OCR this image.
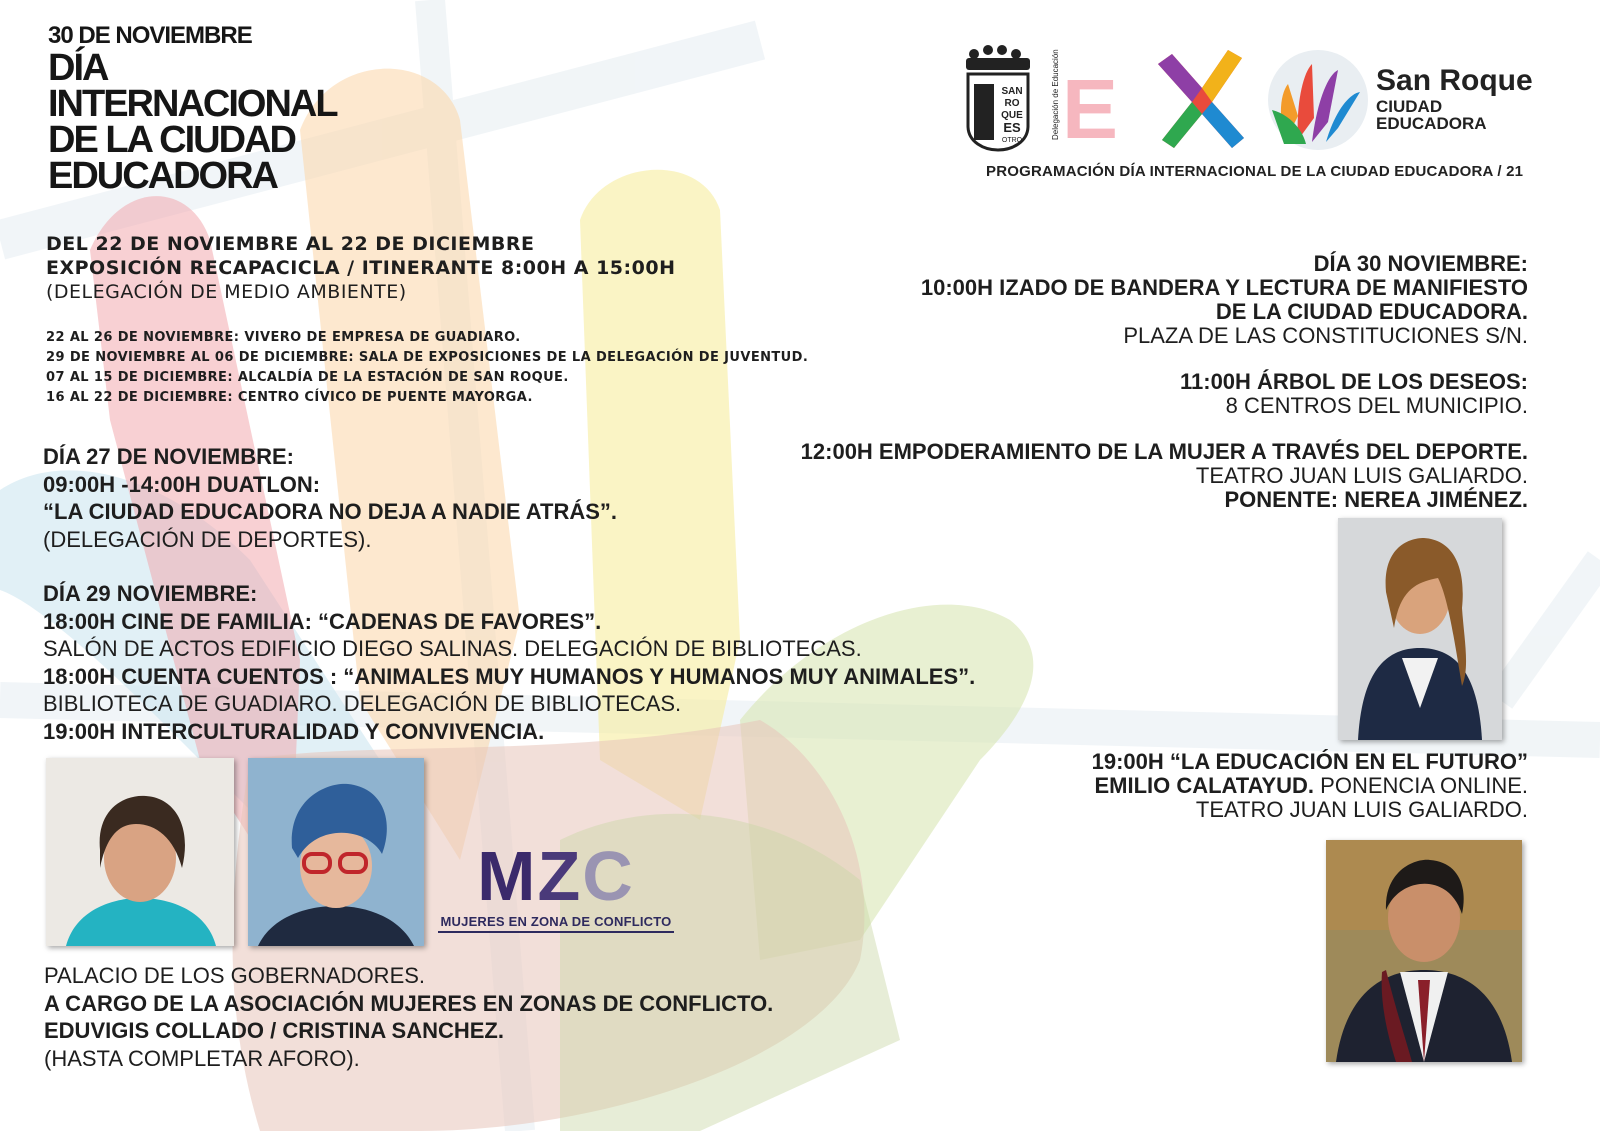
30 DE NOVIEMBRE
DÍA
INTERNACIONAL
DE LA CIUDAD
EDUCADORA
DEL 22 DE NOVIEMBRE AL 22 DE DICIEMBRE
EXPOSICIÓN RECAPACICLA / ITINERANTE 8:00H A 15:00H
(DELEGACIÓN DE MEDIO AMBIENTE)
22 AL 26 DE NOVIEMBRE: VIVERO DE EMPRESA DE GUADIARO.
29 DE NOVIEMBRE AL 06 DE DICIEMBRE: SALA DE EXPOSICIONES DE LA DELEGACIÓN DE JUVENTUD.
07 AL 15 DE DICIEMBRE: ALCALDÍA DE LA ESTACIÓN DE SAN ROQUE.
16 AL 22 DE DICIEMBRE: CENTRO CÍVICO DE PUENTE MAYORGA.
DÍA 27 DE NOVIEMBRE:
09:00H -14:00H DUATLON:
“LA CIUDAD EDUCADORA NO DEJA A NADIE ATRÁS”.
(DELEGACIÓN DE DEPORTES).
DÍA 29 NOVIEMBRE:
18:00H CINE DE FAMILIA: “CADENAS DE FAVORES”.
SALÓN DE ACTOS EDIFICIO DIEGO SALINAS. DELEGACIÓN DE BIBLIOTECAS.
18:00H CUENTA CUENTOS : “ANIMALES MUY HUMANOS Y HUMANOS MUY ANIMALES”.
BIBLIOTECA DE GUADIARO. DELEGACIÓN DE BIBLIOTECAS.
19:00H INTERCULTURALIDAD Y CONVIVENCIA.
MZC
MUJERES EN ZONA DE CONFLICTO
PALACIO DE LOS GOBERNADORES.
A CARGO DE LA ASOCIACIÓN MUJERES EN ZONAS DE CONFLICTO.
EDUVIGIS COLLADO / CRISTINA SANCHEZ.
(HASTA COMPLETAR AFORO).
SAN
RO
QUE
ES
OTRO
Delegación de Educación E	San Roque
CIUDAD
EDUCADORA
PROGRAMACIÓN DÍA INTERNACIONAL DE LA CIUDAD EDUCADORA / 21
DÍA 30 NOVIEMBRE:
10:00H IZADO DE BANDERA Y LECTURA DE MANIFIESTO
DE LA CIUDAD EDUCADORA.
PLAZA DE LAS CONSTITUCIONES S/N.
11:00H ÁRBOL DE LOS DESEOS:
8 CENTROS DEL MUNICIPIO.
12:00H EMPODERAMIENTO DE LA MUJER A TRAVÉS DEL DEPORTE.
TEATRO JUAN LUIS GALIARDO.
PONENTE: NEREA JIMÉNEZ.
19:00H “LA EDUCACIÓN EN EL FUTURO”
EMILIO CALATAYUD. PONENCIA ONLINE.
TEATRO JUAN LUIS GALIARDO.
